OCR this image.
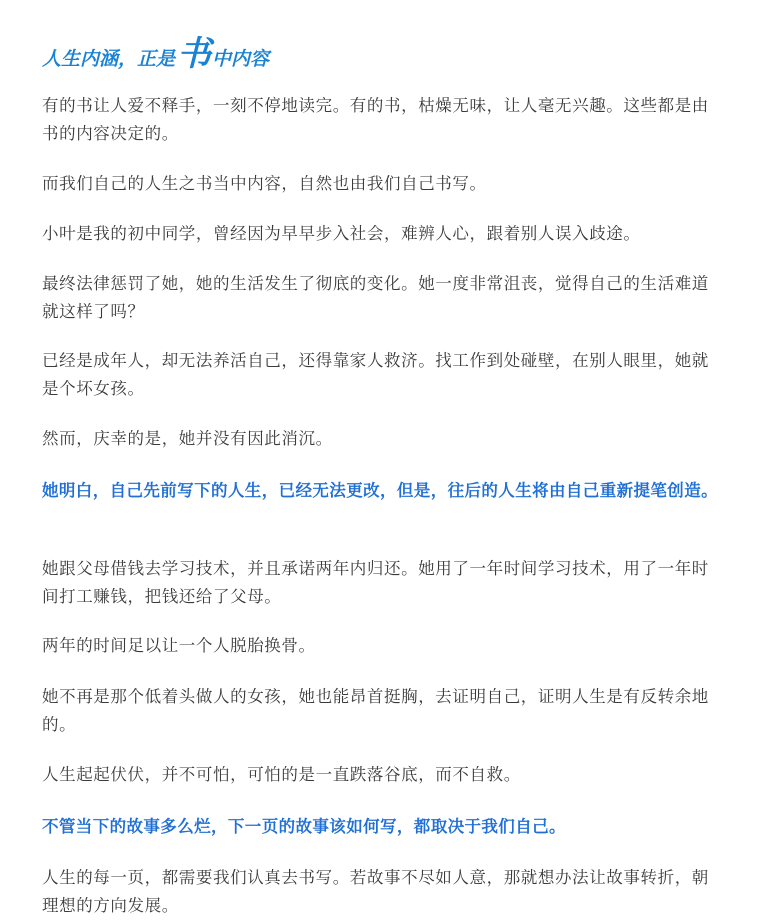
人生内涵，正是 书 中内容

有的书让人爱不释手，一刻不停地读完。有的书，枯燥无味，让人毫无兴趣。这些都是由书的内容决定的。

而我们自己的人生之书当中内容，自然也由我们自己书写。

小叶是我的初中同学，曾经因为早早步入社会，难辨人心，跟着别人误入歧途。

最终法律惩罚了她，她的生活发生了彻底的变化。她一度非常沮丧，觉得自己的生活难道就这样了吗？

已经是成年人，却无法养活自己，还得靠家人救济。找工作到处碰壁，在别人眼里，她就是个坏女孩。

然而，庆幸的是，她并没有因此消沉。

她明白，自己先前写下的人生，已经无法更改，但是，往后的人生将由自己重新提笔创造。

她跟父母借钱去学习技术，并且承诺两年内归还。她用了一年时间学习技术，用了一年时间打工赚钱，把钱还给了父母。

两年的时间足以让一个人脱胎换骨。

她不再是那个低着头做人的女孩，她也能昂首挺胸，去证明自己，证明人生是有反转余地的。

人生起起伏伏，并不可怕，可怕的是一直跌落谷底，而不自救。

不管当下的故事多么烂，下一页的故事该如何写，都取决于我们自己。

人生的每一页，都需要我们认真去书写。若故事不尽如人意，那就想办法让故事转折，朝理想的方向发展。
